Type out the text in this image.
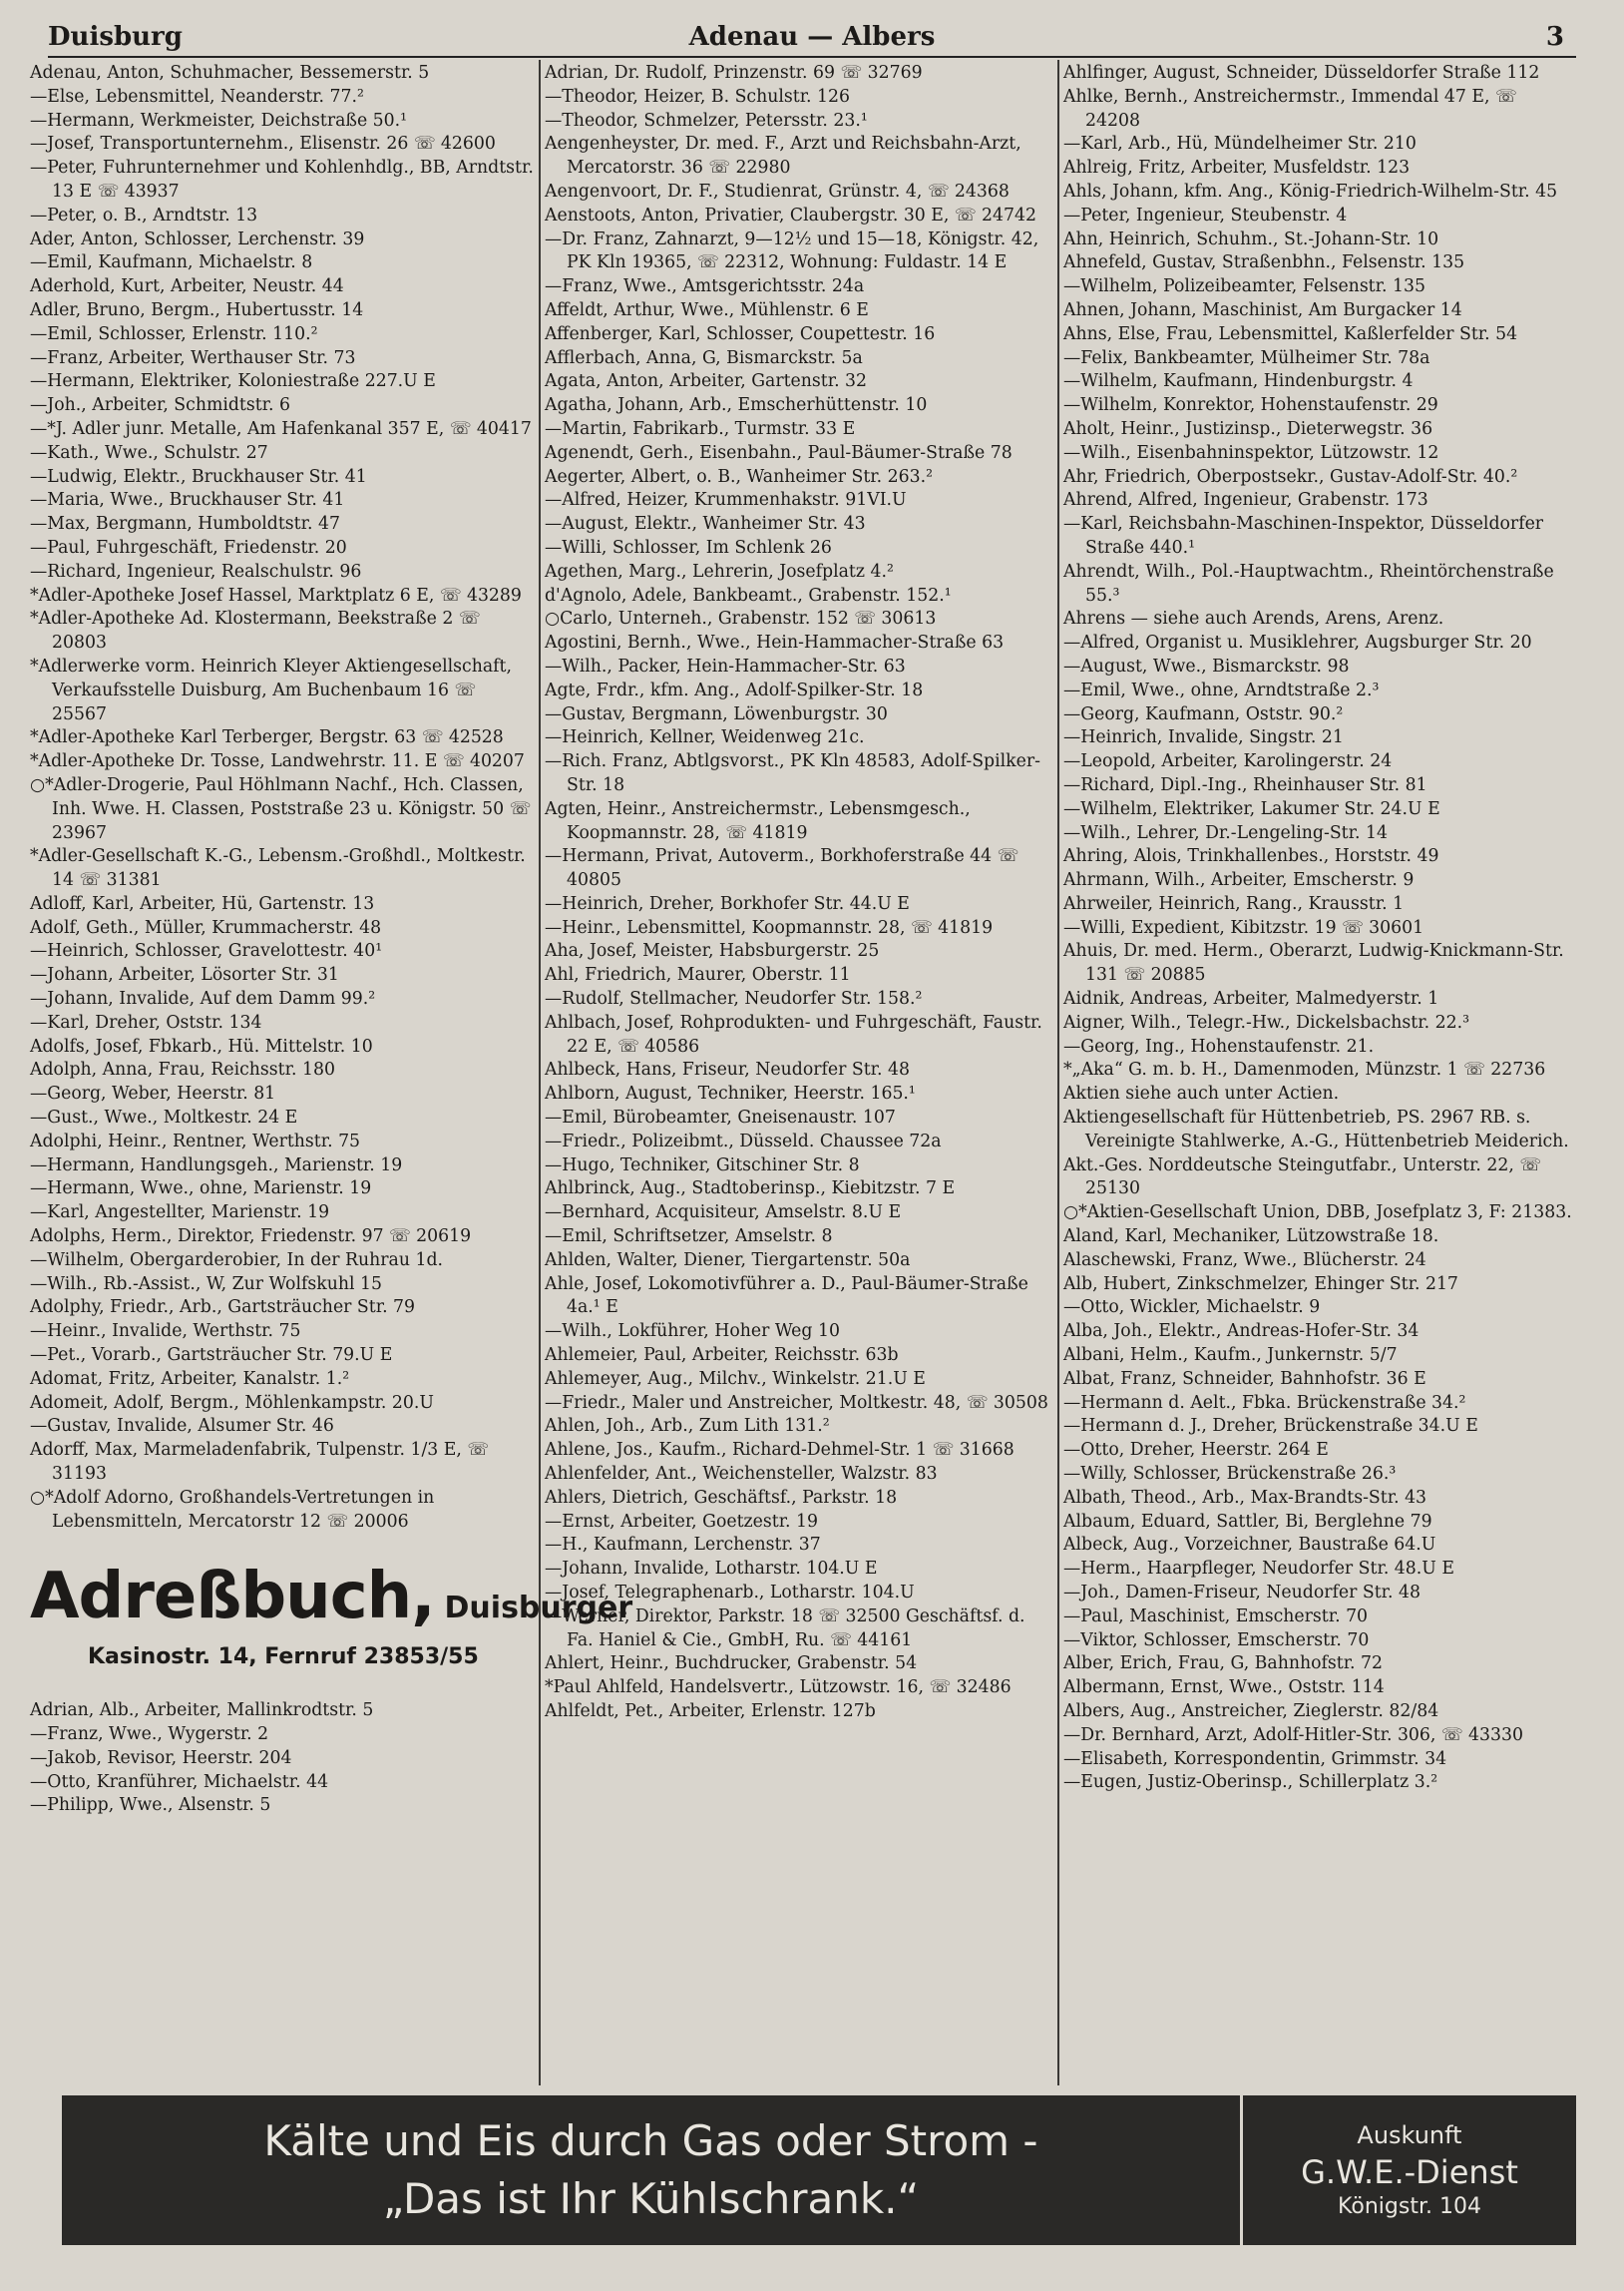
Adenau — Albers
Duisburg	3
Adenau, Anton, Schuhmacher, Bessemerstr. 5
—Else, Lebensmittel, Neanderstr. 77.²
—Hermann, Werkmeister, Deichstraße 50.¹
—Josef, Transportunternehm., Elisenstr. 26 ☏ 42600
—Peter, Fuhrunternehmer und Kohlenhdlg., BB, Arndtstr. 13 E ☏ 43937
—Peter, o. B., Arndtstr. 13
Ader, Anton, Schlosser, Lerchenstr. 39
—Emil, Kaufmann, Michaelstr. 8
Aderhold, Kurt, Arbeiter, Neustr. 44
Adler, Bruno, Bergm., Hubertusstr. 14
—Emil, Schlosser, Erlenstr. 110.²
—Franz, Arbeiter, Werthauser Str. 73
—Hermann, Elektriker, Koloniestraße 227.U E
—Joh., Arbeiter, Schmidtstr. 6
—*J. Adler junr. Metalle, Am Hafenkanal 357 E, ☏ 40417
—Kath., Wwe., Schulstr. 27
—Ludwig, Elektr., Bruckhauser Str. 41
—Maria, Wwe., Bruckhauser Str. 41
—Max, Bergmann, Humboldtstr. 47
—Paul, Fuhrgeschäft, Friedenstr. 20
—Richard, Ingenieur, Realschulstr. 96
*Adler-Apotheke Josef Hassel, Marktplatz 6 E, ☏ 43289
*Adler-Apotheke Ad. Klostermann, Beekstraße 2 ☏ 20803
*Adlerwerke vorm. Heinrich Kleyer Aktiengesellschaft, Verkaufsstelle Duisburg, Am Buchenbaum 16 ☏ 25567
*Adler-Apotheke Karl Terberger, Bergstr. 63 ☏ 42528
*Adler-Apotheke Dr. Tosse, Landwehrstr. 11. E ☏ 40207
○*Adler-Drogerie, Paul Höhlmann Nachf., Hch. Classen, Inh. Wwe. H. Classen, Poststraße 23 u. Königstr. 50 ☏ 23967
*Adler-Gesellschaft K.-G., Lebensm.-Großhdl., Moltkestr. 14 ☏ 31381
Adloff, Karl, Arbeiter, Hü, Gartenstr. 13
Adolf, Geth., Müller, Krummacherstr. 48
—Heinrich, Schlosser, Gravelottestr. 40¹
—Johann, Arbeiter, Lösorter Str. 31
—Johann, Invalide, Auf dem Damm 99.²
—Karl, Dreher, Oststr. 134
Adolfs, Josef, Fbkarb., Hü. Mittelstr. 10
Adolph, Anna, Frau, Reichsstr. 180
—Georg, Weber, Heerstr. 81
—Gust., Wwe., Moltkestr. 24 E
Adolphi, Heinr., Rentner, Werthstr. 75
—Hermann, Handlungsgeh., Marienstr. 19
—Hermann, Wwe., ohne, Marienstr. 19
—Karl, Angestellter, Marienstr. 19
Adolphs, Herm., Direktor, Friedenstr. 97 ☏ 20619
—Wilhelm, Obergarderobier, In der Ruhrau 1d.
—Wilh., Rb.-Assist., W, Zur Wolfskuhl 15
Adolphy, Friedr., Arb., Gartsträucher Str. 79
—Heinr., Invalide, Werthstr. 75
—Pet., Vorarb., Gartsträucher Str. 79.U E
Adomat, Fritz, Arbeiter, Kanalstr. 1.²
Adomeit, Adolf, Bergm., Möhlenkampstr. 20.U
—Gustav, Invalide, Alsumer Str. 46
Adorff, Max, Marmeladenfabrik, Tulpenstr. 1/3 E, ☏ 31193
○*Adolf Adorno, Großhandels-Vertretungen in Lebensmitteln, Mercatorstr 12 ☏ 20006
Adreßbuch, Duisburger
Kasinostr. 14, Fernruf 23853/55
Adrian, Alb., Arbeiter, Mallinkrodtstr. 5
—Franz, Wwe., Wygerstr. 2
—Jakob, Revisor, Heerstr. 204
—Otto, Kranführer, Michaelstr. 44
—Philipp, Wwe., Alsenstr. 5
Adrian, Dr. Rudolf, Prinzenstr. 69 ☏ 32769
—Theodor, Heizer, B. Schulstr. 126
—Theodor, Schmelzer, Petersstr. 23.¹
Aengenheyster, Dr. med. F., Arzt und Reichsbahn-Arzt, Mercatorstr. 36 ☏ 22980
Aengenvoort, Dr. F., Studienrat, Grünstr. 4, ☏ 24368
Aenstoots, Anton, Privatier, Claubergstr. 30 E, ☏ 24742
—Dr. Franz, Zahnarzt, 9—12½ und 15—18, Königstr. 42, PK Kln 19365, ☏ 22312, Wohnung: Fuldastr. 14 E
—Franz, Wwe., Amtsgerichtsstr. 24a
Affeldt, Arthur, Wwe., Mühlenstr. 6 E
Affenberger, Karl, Schlosser, Coupettestr. 16
Afflerbach, Anna, G, Bismarckstr. 5a
Agata, Anton, Arbeiter, Gartenstr. 32
Agatha, Johann, Arb., Emscherhüttenstr. 10
—Martin, Fabrikarb., Turmstr. 33 E
Agenendt, Gerh., Eisenbahn., Paul-Bäumer-Straße 78
Aegerter, Albert, o. B., Wanheimer Str. 263.²
—Alfred, Heizer, Krummenhakstr. 91VI.U
—August, Elektr., Wanheimer Str. 43
—Willi, Schlosser, Im Schlenk 26
Agethen, Marg., Lehrerin, Josefplatz 4.²
d'Agnolo, Adele, Bankbeamt., Grabenstr. 152.¹
○Carlo, Unterneh., Grabenstr. 152 ☏ 30613
Agostini, Bernh., Wwe., Hein-Hammacher-Straße 63
—Wilh., Packer, Hein-Hammacher-Str. 63
Agte, Frdr., kfm. Ang., Adolf-Spilker-Str. 18
—Gustav, Bergmann, Löwenburgstr. 30
—Heinrich, Kellner, Weidenweg 21c.
—Rich. Franz, Abtlgsvorst., PK Kln 48583, Adolf-Spilker-Str. 18
Agten, Heinr., Anstreichermstr., Lebensmgesch., Koopmannstr. 28, ☏ 41819
—Hermann, Privat, Autoverm., Borkhoferstraße 44 ☏ 40805
—Heinrich, Dreher, Borkhofer Str. 44.U E
—Heinr., Lebensmittel, Koopmannstr. 28, ☏ 41819
Aha, Josef, Meister, Habsburgerstr. 25
Ahl, Friedrich, Maurer, Oberstr. 11
—Rudolf, Stellmacher, Neudorfer Str. 158.²
Ahlbach, Josef, Rohprodukten- und Fuhrgeschäft, Faustr. 22 E, ☏ 40586
Ahlbeck, Hans, Friseur, Neudorfer Str. 48
Ahlborn, August, Techniker, Heerstr. 165.¹
—Emil, Bürobeamter, Gneisenaustr. 107
—Friedr., Polizeibmt., Düsseld. Chaussee 72a
—Hugo, Techniker, Gitschiner Str. 8
Ahlbrinck, Aug., Stadtoberinsp., Kiebitzstr. 7 E
—Bernhard, Acquisiteur, Amselstr. 8.U E
—Emil, Schriftsetzer, Amselstr. 8
Ahlden, Walter, Diener, Tiergartenstr. 50a
Ahle, Josef, Lokomotivführer a. D., Paul-Bäumer-Straße 4a.¹ E
—Wilh., Lokführer, Hoher Weg 10
Ahlemeier, Paul, Arbeiter, Reichsstr. 63b
Ahlemeyer, Aug., Milchv., Winkelstr. 21.U E
—Friedr., Maler und Anstreicher, Moltkestr. 48, ☏ 30508
Ahlen, Joh., Arb., Zum Lith 131.²
Ahlene, Jos., Kaufm., Richard-Dehmel-Str. 1 ☏ 31668
Ahlenfelder, Ant., Weichensteller, Walzstr. 83
Ahlers, Dietrich, Geschäftsf., Parkstr. 18
—Ernst, Arbeiter, Goetzestr. 19
—H., Kaufmann, Lerchenstr. 37
—Johann, Invalide, Lotharstr. 104.U E
—Josef, Telegraphenarb., Lotharstr. 104.U
—Werner, Direktor, Parkstr. 18 ☏ 32500 Geschäftsf. d. Fa. Haniel & Cie., GmbH, Ru. ☏ 44161
Ahlert, Heinr., Buchdrucker, Grabenstr. 54
*Paul Ahlfeld, Handelsvertr., Lützowstr. 16, ☏ 32486
Ahlfeldt, Pet., Arbeiter, Erlenstr. 127b
Ahlfinger, August, Schneider, Düsseldorfer Straße 112
Ahlke, Bernh., Anstreichermstr., Immendal 47 E, ☏ 24208
—Karl, Arb., Hü, Mündelheimer Str. 210
Ahlreig, Fritz, Arbeiter, Musfeldstr. 123
Ahls, Johann, kfm. Ang., König-Friedrich-Wilhelm-Str. 45
—Peter, Ingenieur, Steubenstr. 4
Ahn, Heinrich, Schuhm., St.-Johann-Str. 10
Ahnefeld, Gustav, Straßenbhn., Felsenstr. 135
—Wilhelm, Polizeibeamter, Felsenstr. 135
Ahnen, Johann, Maschinist, Am Burgacker 14
Ahns, Else, Frau, Lebensmittel, Kaßlerfelder Str. 54
—Felix, Bankbeamter, Mülheimer Str. 78a
—Wilhelm, Kaufmann, Hindenburgstr. 4
—Wilhelm, Konrektor, Hohenstaufenstr. 29
Aholt, Heinr., Justizinsp., Dieterwegstr. 36
—Wilh., Eisenbahninspektor, Lützowstr. 12
Ahr, Friedrich, Oberpostsekr., Gustav-Adolf-Str. 40.²
Ahrend, Alfred, Ingenieur, Grabenstr. 173
—Karl, Reichsbahn-Maschinen-Inspektor, Düsseldorfer Straße 440.¹
Ahrendt, Wilh., Pol.-Hauptwachtm., Rheintörchenstraße 55.³
Ahrens — siehe auch Arends, Arens, Arenz.
—Alfred, Organist u. Musiklehrer, Augsburger Str. 20
—August, Wwe., Bismarckstr. 98
—Emil, Wwe., ohne, Arndtstraße 2.³
—Georg, Kaufmann, Oststr. 90.²
—Heinrich, Invalide, Singstr. 21
—Leopold, Arbeiter, Karolingerstr. 24
—Richard, Dipl.-Ing., Rheinhauser Str. 81
—Wilhelm, Elektriker, Lakumer Str. 24.U E
—Wilh., Lehrer, Dr.-Lengeling-Str. 14
Ahring, Alois, Trinkhallenbes., Horststr. 49
Ahrmann, Wilh., Arbeiter, Emscherstr. 9
Ahrweiler, Heinrich, Rang., Krausstr. 1
—Willi, Expedient, Kibitzstr. 19 ☏ 30601
Ahuis, Dr. med. Herm., Oberarzt, Ludwig-Knickmann-Str. 131 ☏ 20885
Aidnik, Andreas, Arbeiter, Malmedyerstr. 1
Aigner, Wilh., Telegr.-Hw., Dickelsbachstr. 22.³
—Georg, Ing., Hohenstaufenstr. 21.
*„Aka“ G. m. b. H., Damenmoden, Münzstr. 1 ☏ 22736
Aktien siehe auch unter Actien.
Aktiengesellschaft für Hüttenbetrieb, PS. 2967 RB. s. Vereinigte Stahlwerke, A.-G., Hüttenbetrieb Meiderich.
Akt.-Ges. Norddeutsche Steingutfabr., Unterstr. 22, ☏ 25130
○*Aktien-Gesellschaft Union, DBB, Josefplatz 3, F: 21383.
Aland, Karl, Mechaniker, Lützowstraße 18.
Alaschewski, Franz, Wwe., Blücherstr. 24
Alb, Hubert, Zinkschmelzer, Ehinger Str. 217
—Otto, Wickler, Michaelstr. 9
Alba, Joh., Elektr., Andreas-Hofer-Str. 34
Albani, Helm., Kaufm., Junkernstr. 5/7
Albat, Franz, Schneider, Bahnhofstr. 36 E
—Hermann d. Aelt., Fbka. Brückenstraße 34.²
—Hermann d. J., Dreher, Brückenstraße 34.U E
—Otto, Dreher, Heerstr. 264 E
—Willy, Schlosser, Brückenstraße 26.³
Albath, Theod., Arb., Max-Brandts-Str. 43
Albaum, Eduard, Sattler, Bi, Berglehne 79
Albeck, Aug., Vorzeichner, Baustraße 64.U
—Herm., Haarpfleger, Neudorfer Str. 48.U E
—Joh., Damen-Friseur, Neudorfer Str. 48
—Paul, Maschinist, Emscherstr. 70
—Viktor, Schlosser, Emscherstr. 70
Alber, Erich, Frau, G, Bahnhofstr. 72
Albermann, Ernst, Wwe., Oststr. 114
Albers, Aug., Anstreicher, Zieglerstr. 82/84
—Dr. Bernhard, Arzt, Adolf-Hitler-Str. 306, ☏ 43330
—Elisabeth, Korrespondentin, Grimmstr. 34
—Eugen, Justiz-Oberinsp., Schillerplatz 3.²
Kälte und Eis durch Gas oder Strom -
„Das ist Ihr Kühlschrank.“
Auskunft
G.W.E.-Dienst
Königstr. 104
